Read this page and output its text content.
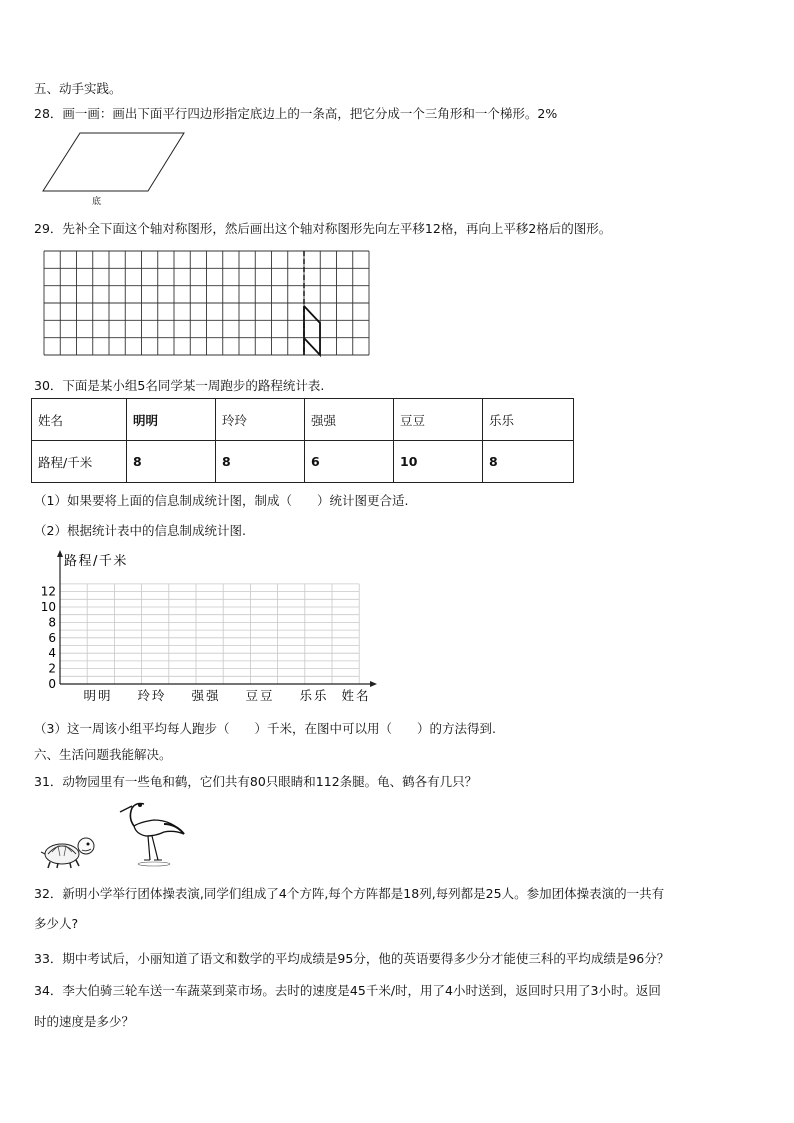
五、动手实践。
28．画一画：画出下面平行四边形指定底边上的一条高，把它分成一个三角形和一个梯形。2%
底
29．先补全下面这个轴对称图形，然后画出这个轴对称图形先向左平移12格，再向上平移2格后的图形。
30．下面是某小组5名同学某一周跑步的路程统计表.
姓名	明明	玲玲	强强	豆豆	乐乐
路程/千米	8	8	6	10	8
（1）如果要将上面的信息制成统计图，制成（　　）统计图更合适.
（2）根据统计表中的信息制成统计图.
路程/千米
0
2
4
6
8
10
12
明明 玲玲 强强 豆豆 乐乐 姓名
（3）这一周该小组平均每人跑步（　　）千米，在图中可以用（　　）的方法得到.
六、生活问题我能解决。
31．动物园里有一些龟和鹤，它们共有80只眼睛和112条腿。龟、鹤各有几只？
32．新明小学举行团体操表演,同学们组成了4个方阵,每个方阵都是18列,每列都是25人。参加团体操表演的一共有
多少人?
33．期中考试后，小丽知道了语文和数学的平均成绩是95分，他的英语要得多少分才能使三科的平均成绩是96分？
34．李大伯骑三轮车送一车蔬菜到菜市场。去时的速度是45千米/时，用了4小时送到，返回时只用了3小时。返回
时的速度是多少？
